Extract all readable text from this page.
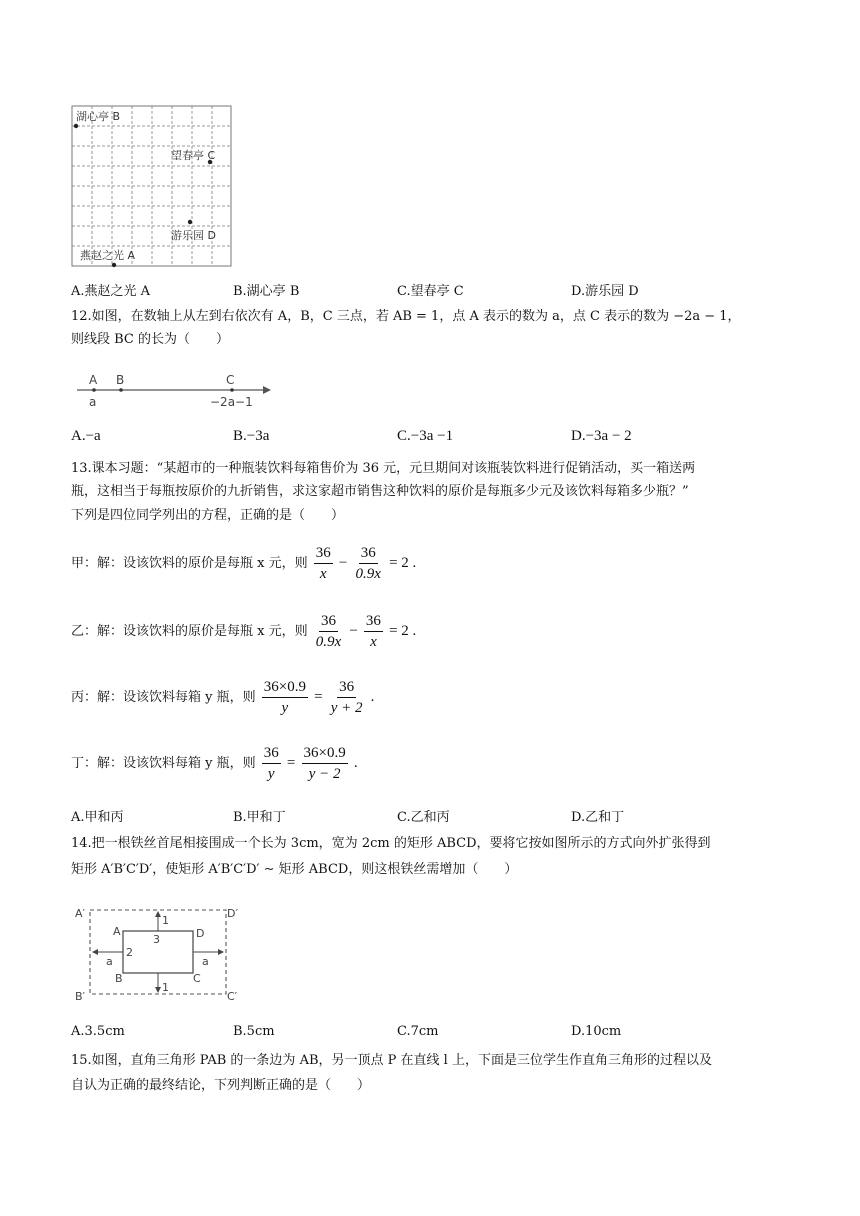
湖心亭 B
望春亭 C
游乐园 D
燕赵之光 A
A.燕赵之光 A	B.湖心亭 B	C.望春亭 C	D.游乐园 D
12.如图，在数轴上从左到右依次有 A，B，C 三点，若 AB = 1，点 A 表示的数为 a，点 C 表示的数为 −2a − 1，
则线段 BC 的长为（　　）
A B	C
a	−2a−1
A.−a	B.−3a	C.−3a −1	D.−3a − 2
13.课本习题：“某超市的一种瓶装饮料每箱售价为 36 元，元旦期间对该瓶装饮料进行促销活动，买一箱送两
瓶，这相当于每瓶按原价的九折销售，求这家超市销售这种饮料的原价是每瓶多少元及该饮料每箱多少瓶？”
下列是四位同学列出的方程，正确的是（　　）
甲：解：设该饮料的原价是每瓶 x 元，则 $\frac{36}{x} - \frac{36}{0.9x} = 2$ .
乙：解：设该饮料的原价是每瓶 x 元，则 $\frac{36}{0.9x} - \frac{36}{x} = 2$ .
丙：解：设该饮料每箱 y 瓶，则 $\frac{36\times 0.9}{y} = \frac{36}{y + 2}$ .
丁：解：设该饮料每箱 y 瓶，则 $\frac{36}{y} = \frac{36\times 0.9}{y - 2}$ .
A.甲和丙	B.甲和丁	C.乙和丙	D.乙和丁
14.把一根铁丝首尾相接围成一个长为 3cm，宽为 2cm 的矩形 ABCD，要将它按如图所示的方式向外扩张得到
矩形 A′B′C′D′，使矩形 A′B′C′D′ ∼ 矩形 ABCD，则这根铁丝需增加（　　）
A′	D′
B′	C′
A	D
B	C
1
1
3
2
a	a
A.3.5cm	B.5cm	C.7cm	D.10cm
15.如图，直角三角形 PAB 的一条边为 AB，另一顶点 P 在直线 l 上，下面是三位学生作直角三角形的过程以及
自认为正确的最终结论，下列判断正确的是（　　）
